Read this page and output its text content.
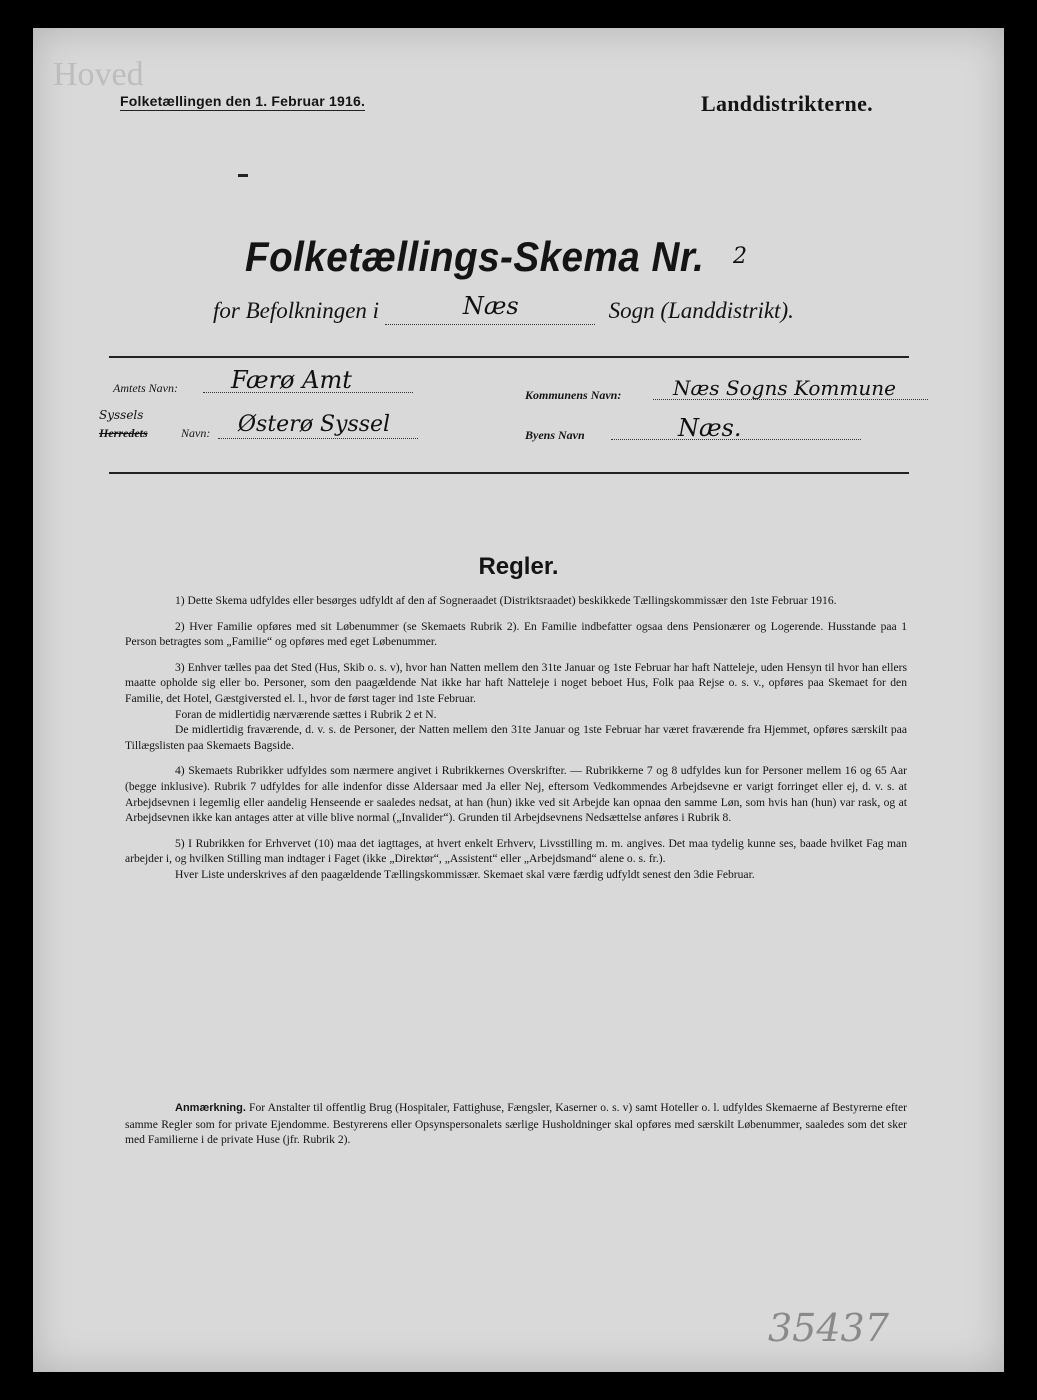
Hoved
Folketællingen den 1. Februar 1916.	Landdistrikterne.
Folketællings-Skema Nr. 2
for Befolkningen i	Næs	Sogn (Landdistrikt).
Amtets Navn: Færø Amt
Syssels
Herredets	Navn: Østerø Syssel
Kommunens Navn:	Næs Sogns Kommune
Byens Navn	Næs.
Regler.

1) Dette Skema udfyldes eller besørges udfyldt af den af Sogneraadet (Distriktsraadet) beskikkede Tællingskommissær den 1ste Februar 1916.

2) Hver Familie opføres med sit Løbenummer (se Skemaets Rubrik 2). En Familie indbefatter ogsaa dens Pensionærer og Logerende. Husstande paa 1 Person betragtes som „Familie“ og opføres med eget Løbenummer.

3) Enhver tælles paa det Sted (Hus, Skib o. s. v), hvor han Natten mellem den 31te Januar og 1ste Februar har haft Natteleje, uden Hensyn til hvor han ellers maatte opholde sig eller bo. Personer, som den paagældende Nat ikke har haft Natteleje i noget beboet Hus, Folk paa Rejse o. s. v., opføres paa Skemaet for den Familie, det Hotel, Gæstgiversted el. l., hvor de først tager ind 1ste Februar.

Foran de midlertidig nærværende sættes i Rubrik 2 et N.

De midlertidig fraværende, d. v. s. de Personer, der Natten mellem den 31te Januar og 1ste Februar har været fraværende fra Hjemmet, opføres særskilt paa Tillægslisten paa Skemaets Bagside.

4) Skemaets Rubrikker udfyldes som nærmere angivet i Rubrikkernes Overskrifter. — Rubrikkerne 7 og 8 udfyldes kun for Personer mellem 16 og 65 Aar (begge inklusive). Rubrik 7 udfyldes for alle indenfor disse Aldersaar med Ja eller Nej, eftersom Vedkommendes Arbejdsevne er varigt forringet eller ej, d. v. s. at Arbejdsevnen i legemlig eller aandelig Henseende er saaledes nedsat, at han (hun) ikke ved sit Arbejde kan opnaa den samme Løn, som hvis han (hun) var rask, og at Arbejdsevnen ikke kan antages atter at ville blive normal („Invalider“). Grunden til Arbejdsevnens Nedsættelse anføres i Rubrik 8.

5) I Rubrikken for Erhvervet (10) maa det iagttages, at hvert enkelt Erhverv, Livsstilling m. m. angives. Det maa tydelig kunne ses, baade hvilket Fag man arbejder i, og hvilken Stilling man indtager i Faget (ikke „Direktør“, „Assistent“ eller „Arbejdsmand“ alene o. s. fr.).

Hver Liste underskrives af den paagældende Tællingskommissær. Skemaet skal være færdig udfyldt senest den 3die Februar.

Anmærkning. For Anstalter til offentlig Brug (Hospitaler, Fattighuse, Fængsler, Kaserner o. s. v) samt Hoteller o. l. udfyldes Skemaerne af Bestyrerne efter samme Regler som for private Ejendomme. Bestyrerens eller Opsynspersonalets særlige Husholdninger skal opføres med særskilt Løbenummer, saaledes som det sker med Familierne i de private Huse (jfr. Rubrik 2).
35437
